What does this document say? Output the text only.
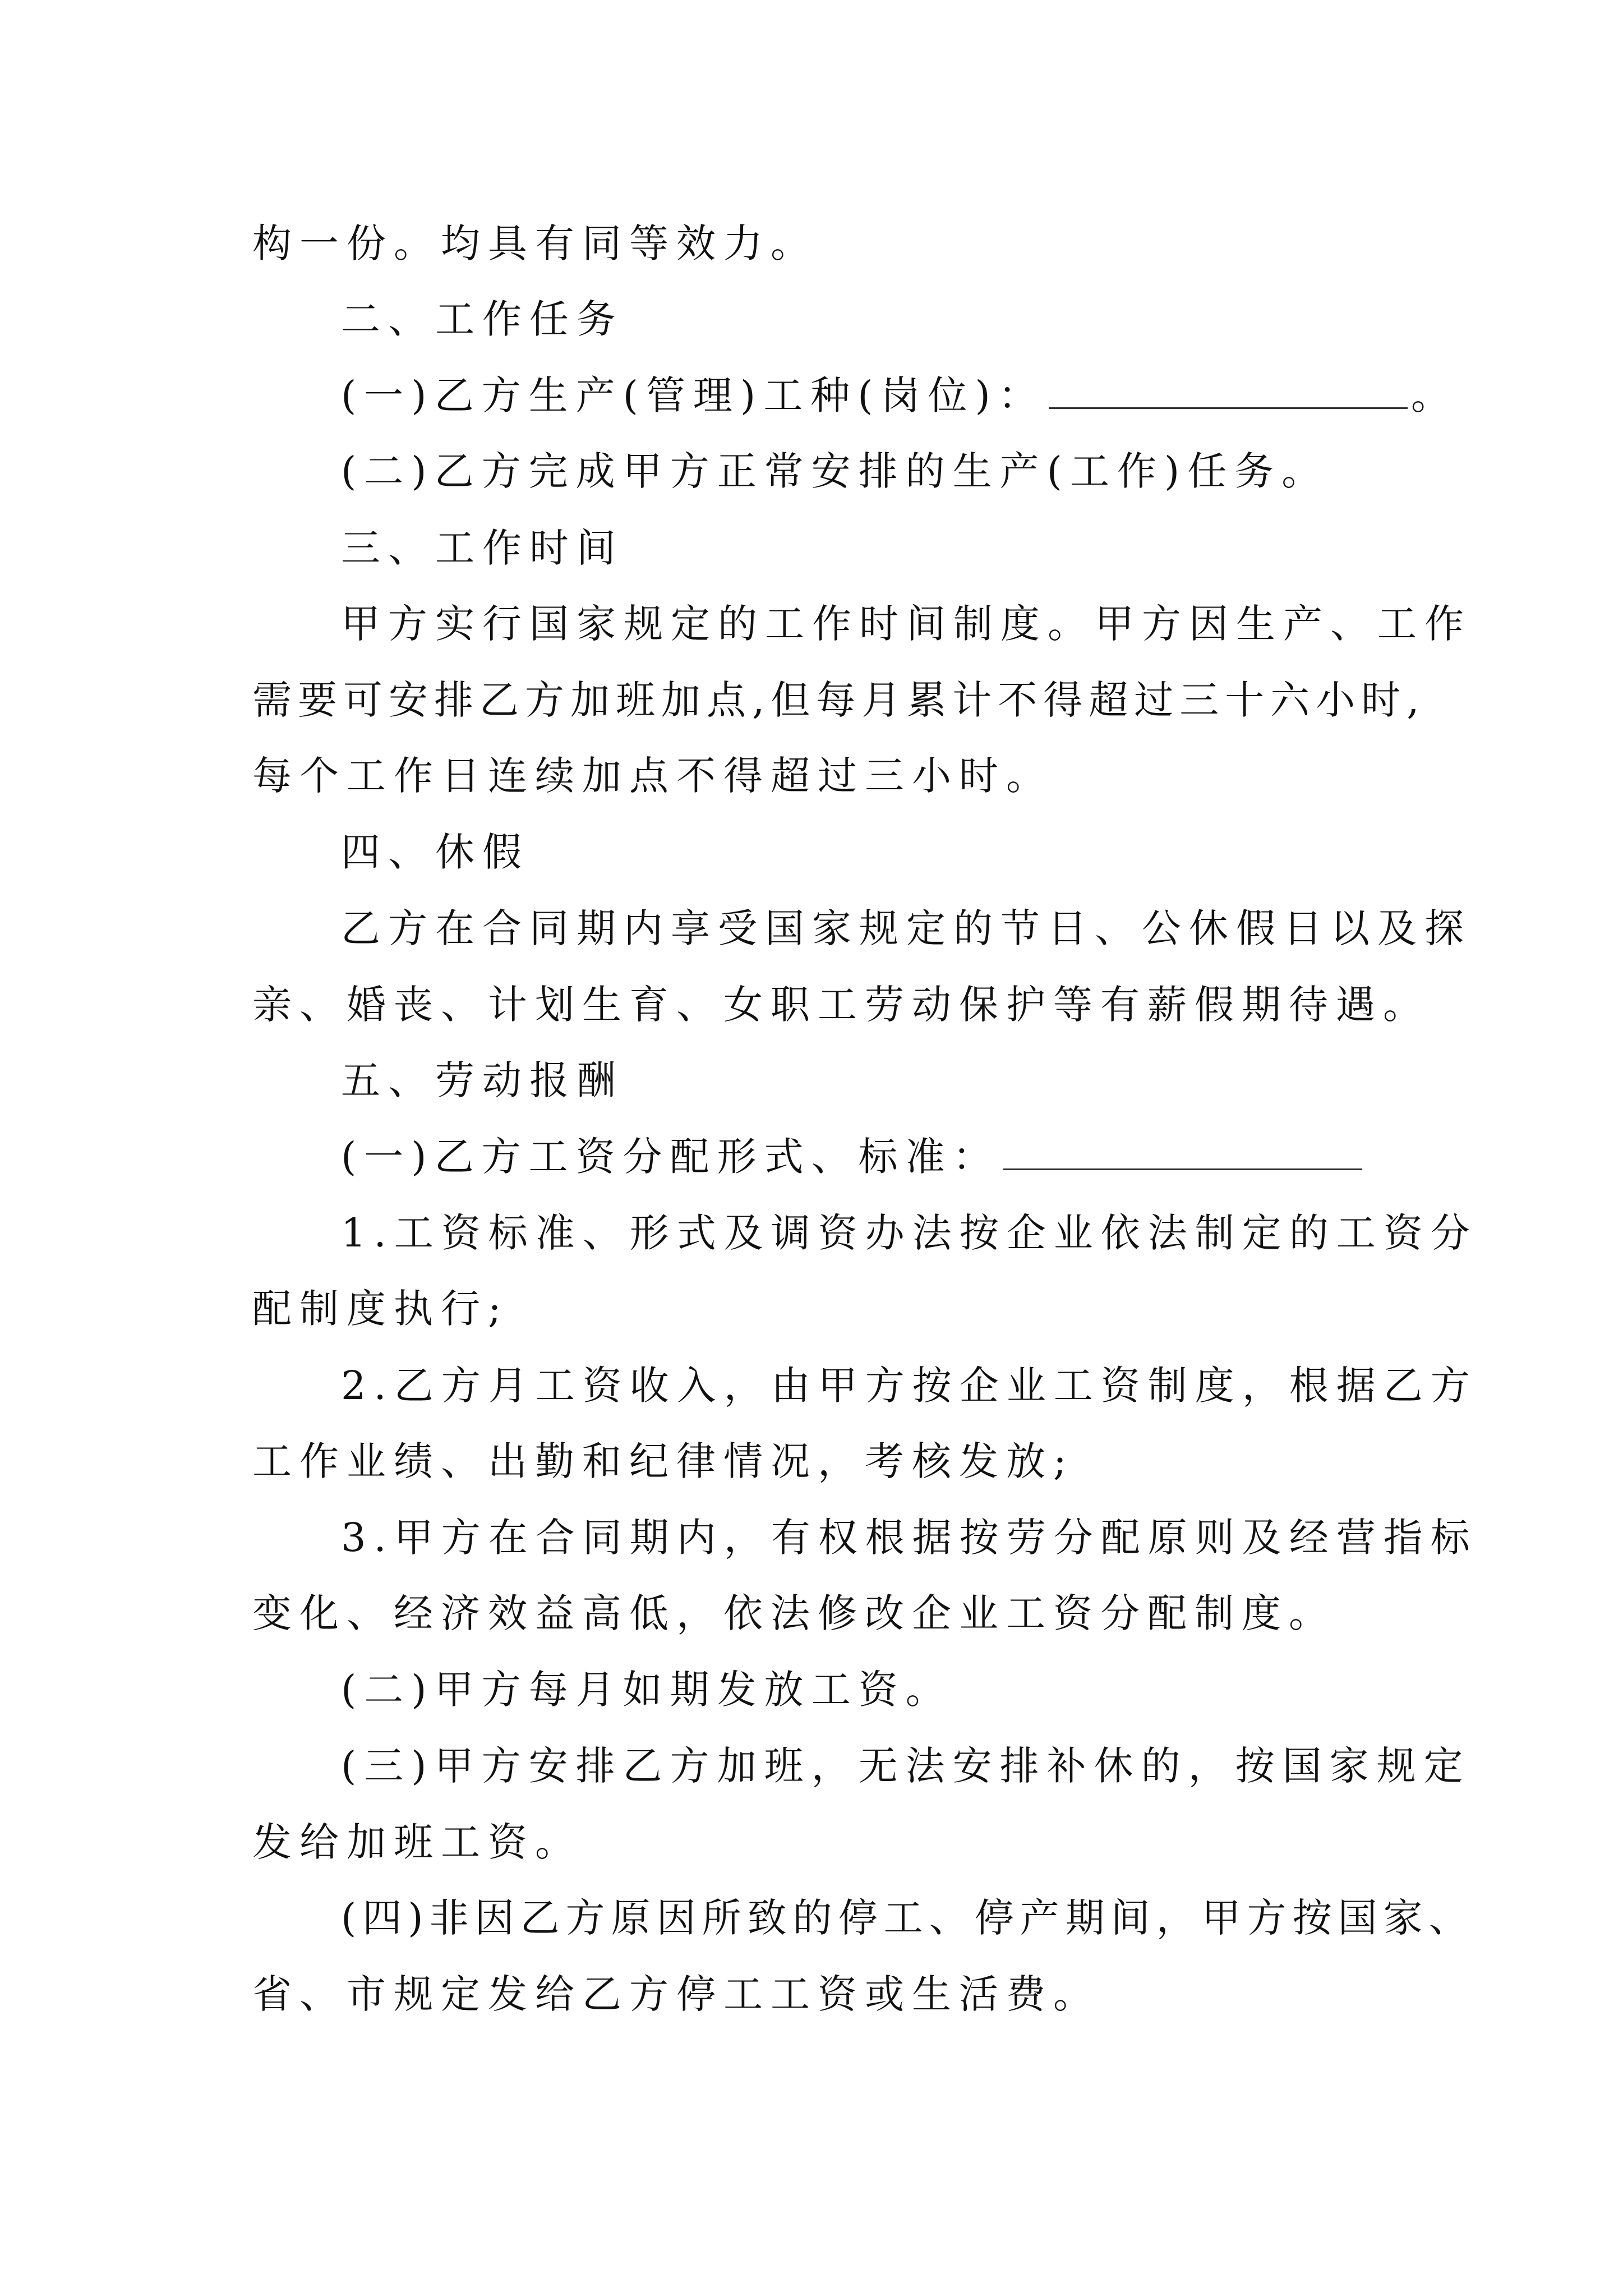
构一份。均具有同等效力。
二、工作任务
(一)乙方生产(管理)工种(岗位)：	。
(二)乙方完成甲方正常安排的生产(工作)任务。
三、工作时间
甲方实行国家规定的工作时间制度。甲方因生产、工作
需要可安排乙方加班加点,但每月累计不得超过三十六小时,
每个工作日连续加点不得超过三小时。
四、休假
乙方在合同期内享受国家规定的节日、公休假日以及探
亲、婚丧、计划生育、女职工劳动保护等有薪假期待遇。
五、劳动报酬
(一)乙方工资分配形式、标准：
1.工资标准、形式及调资办法按企业依法制定的工资分
配制度执行;
2.乙方月工资收入，由甲方按企业工资制度，根据乙方
工作业绩、出勤和纪律情况，考核发放;
3.甲方在合同期内，有权根据按劳分配原则及经营指标
变化、经济效益高低，依法修改企业工资分配制度。
(二)甲方每月如期发放工资。
(三)甲方安排乙方加班，无法安排补休的，按国家规定
发给加班工资。
(四)非因乙方原因所致的停工、停产期间，甲方按国家、
省、市规定发给乙方停工工资或生活费。
